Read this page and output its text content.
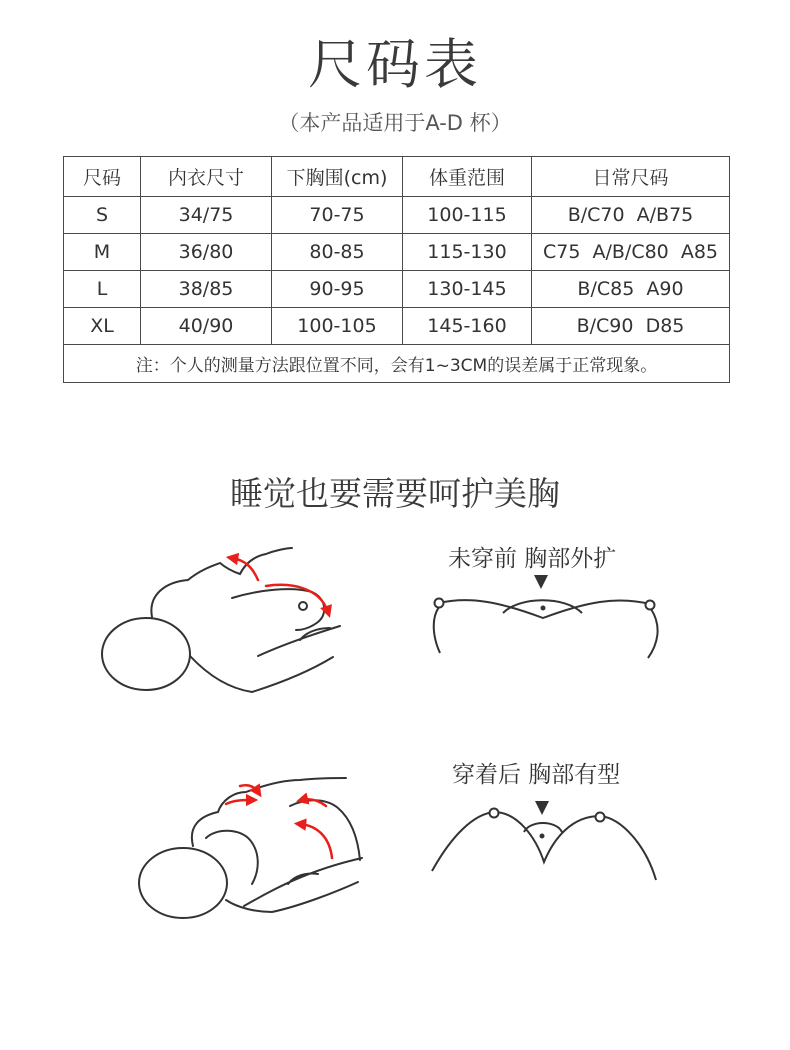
尺码表
（本产品适用于A-D 杯）
尺码	内衣尺寸	下胸围(cm)	体重范围	日常尺码
S	34/75	70-75	100-115	B/C70  A/B75
M	36/80	80-85	115-130	C75  A/B/C80  A85
L	38/85	90-95	130-145	B/C85  A90
XL	40/90	100-105	145-160	B/C90  D85
注：个人的测量方法跟位置不同，会有1~3CM的误差属于正常现象。				
睡觉也要需要呵护美胸
未穿前 胸部外扩
穿着后 胸部有型
